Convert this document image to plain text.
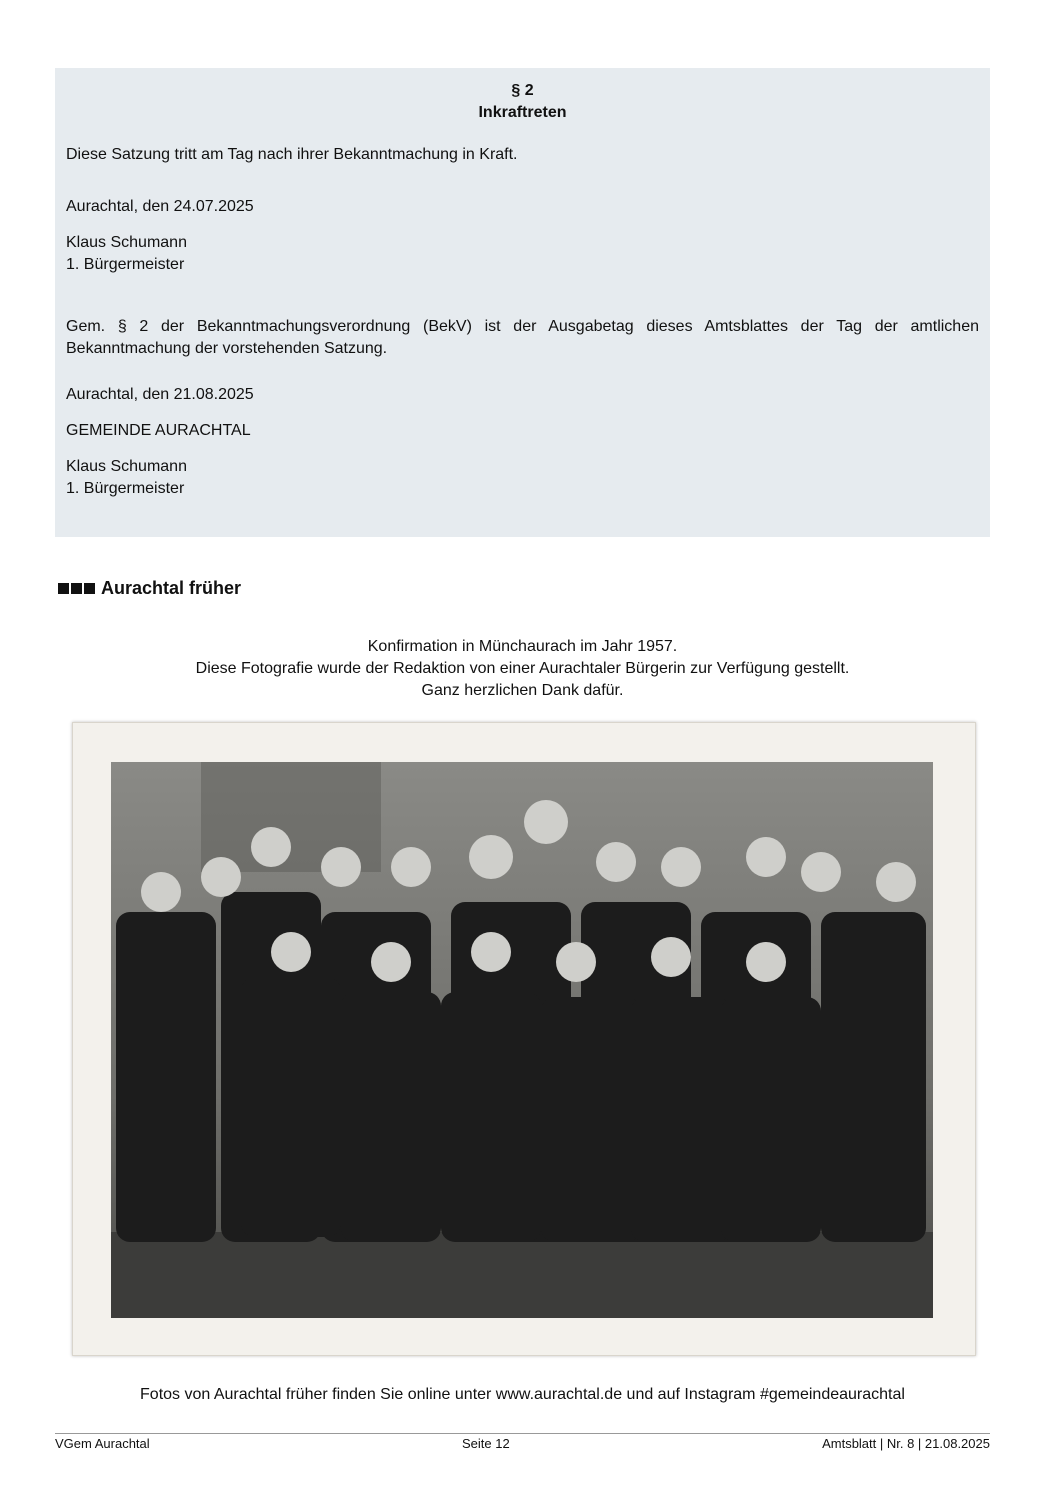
§ 2

Inkraftreten

Diese Satzung tritt am Tag nach ihrer Bekanntmachung in Kraft.

Aurachtal, den 24.07.2025

Klaus Schumann

1. Bürgermeister

Gem. § 2 der Bekanntmachungsverordnung (BekV) ist der Ausgabetag dieses Amtsblattes der Tag der amtlichen Bekanntmachung der vorstehenden Satzung.

Aurachtal, den 21.08.2025

GEMEINDE AURACHTAL

Klaus Schumann

1. Bürgermeister

Aurachtal früher

Konfirmation in Münchaurach im Jahr 1957.

Diese Fotografie wurde der Redaktion von einer Aurachtaler Bürgerin zur Verfügung gestellt.

Ganz herzlichen Dank dafür.

Fotos von Aurachtal früher finden Sie online unter www.aurachtal.de und auf Instagram #gemeindeaurachtal
VGem Aurachtal	Seite 12	Amtsblatt | Nr. 8 | 21.08.2025
